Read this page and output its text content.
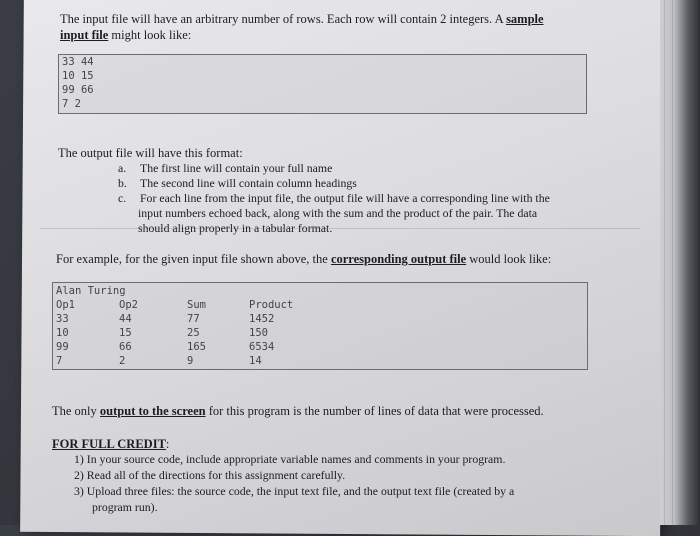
The input file will have an arbitrary number of rows. Each row will contain 2 integers. A sample
input file might look like:
33 44
10 15
99 66
7 2
The output file will have this format:
a. The first line will contain your full name
b. The second line will contain column headings
c. For each line from the input file, the output file will have a corresponding line with the
input numbers echoed back, along with the sum and the product of the pair. The data
should align properly in a tabular format.
For example, for the given input file shown above, the corresponding output file would look like:
Alan Turing
Op1	Op2	Sum	Product
33	44	77	1452
10	15	25	150
99	66	165	6534
7	2	9	14
The only output to the screen for this program is the number of lines of data that were processed.
FOR FULL CREDIT:
1) In your source code, include appropriate variable names and comments in your program.
2) Read all of the directions for this assignment carefully.
3) Upload three files: the source code, the input text file, and the output text file (created by a
program run).
